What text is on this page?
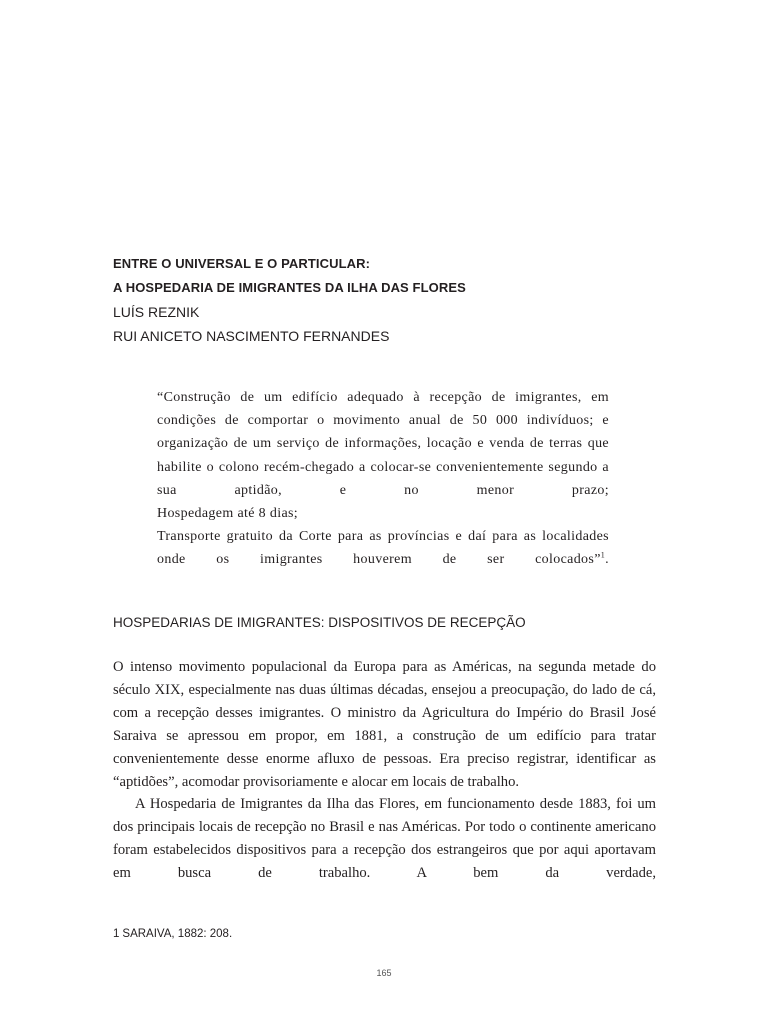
ENTRE O UNIVERSAL E O PARTICULAR:
A HOSPEDARIA DE IMIGRANTES DA ILHA DAS FLORES
LUÍS REZNIK
RUI ANICETO NASCIMENTO FERNANDES

“Construção de um edifício adequado à recepção de imigrantes, em condições de comportar o movimento anual de 50 000 indivíduos; e organização de um serviço de informações, locação e venda de terras que habilite o colono recém-chegado a colocar-se convenientemente segundo a sua aptidão, e no menor prazo;

Hospedagem até 8 dias;

Transporte gratuito da Corte para as províncias e daí para as localidades onde os imigrantes houverem de ser colocados”$^1$.

HOSPEDARIAS DE IMIGRANTES: DISPOSITIVOS DE RECEPÇÃO

O intenso movimento populacional da Europa para as Américas, na segunda metade do século XIX, especialmente nas duas últimas décadas, ensejou a preocupação, do lado de cá, com a recepção desses imigrantes. O ministro da Agricultura do Império do Brasil José Saraiva se apressou em propor, em 1881, a construção de um edifício para tratar convenientemente desse enorme afluxo de pessoas. Era preciso registrar, identificar as “aptidões”, acomodar provisoriamente e alocar em locais de trabalho.

A Hospedaria de Imigrantes da Ilha das Flores, em funcionamento desde 1883, foi um dos principais locais de recepção no Brasil e nas Américas. Por todo o continente americano foram estabelecidos dispositivos para a recepção dos estrangeiros que por aqui aportavam em busca de trabalho. A bem da verdade,

1 SARAIVA, 1882: 208.
165
